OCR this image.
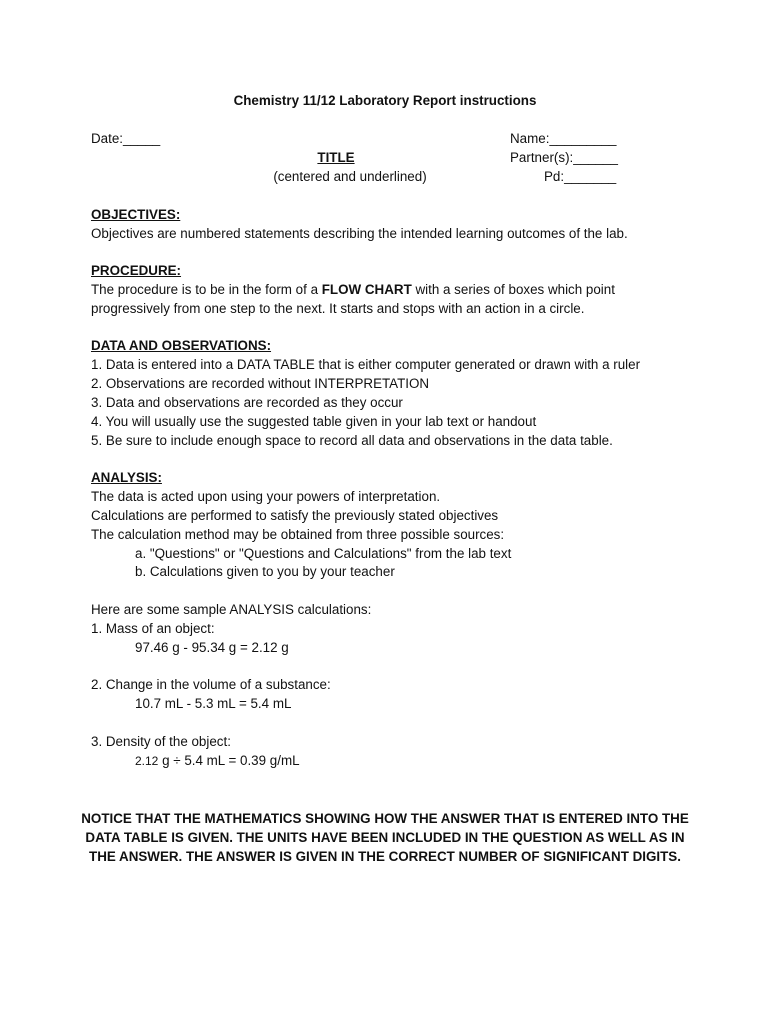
Chemistry 11/12 Laboratory Report instructions
Date:_____	Name:_________
Partner(s):______
Pd:_______
TITLE
(centered and underlined)
OBJECTIVES:
Objectives are numbered statements describing the intended learning outcomes of the lab.
PROCEDURE:
The procedure is to be in the form of a FLOW CHART with a series of boxes which point
progressively from one step to the next. It starts and stops with an action in a circle.
DATA AND OBSERVATIONS:
1. Data is entered into a DATA TABLE that is either computer generated or drawn with a ruler
2. Observations are recorded without INTERPRETATION
3. Data and observations are recorded as they occur
4. You will usually use the suggested table given in your lab text or handout
5. Be sure to include enough space to record all data and observations in the data table.
ANALYSIS:
The data is acted upon using your powers of interpretation.
Calculations are performed to satisfy the previously stated objectives
The calculation method may be obtained from three possible sources:
a. "Questions" or "Questions and Calculations" from the lab text
b. Calculations given to you by your teacher
Here are some sample ANALYSIS calculations:
1. Mass of an object:
97.46 g - 95.34 g = 2.12 g
2. Change in the volume of a substance:
10.7 mL - 5.3 mL = 5.4 mL
3. Density of the object:
2.12 g ÷ 5.4 mL = 0.39 g/mL
NOTICE THAT THE MATHEMATICS SHOWING HOW THE ANSWER THAT IS ENTERED INTO THE DATA TABLE IS GIVEN. THE UNITS HAVE BEEN INCLUDED IN THE QUESTION AS WELL AS IN THE ANSWER. THE ANSWER IS GIVEN IN THE CORRECT NUMBER OF SIGNIFICANT DIGITS.
